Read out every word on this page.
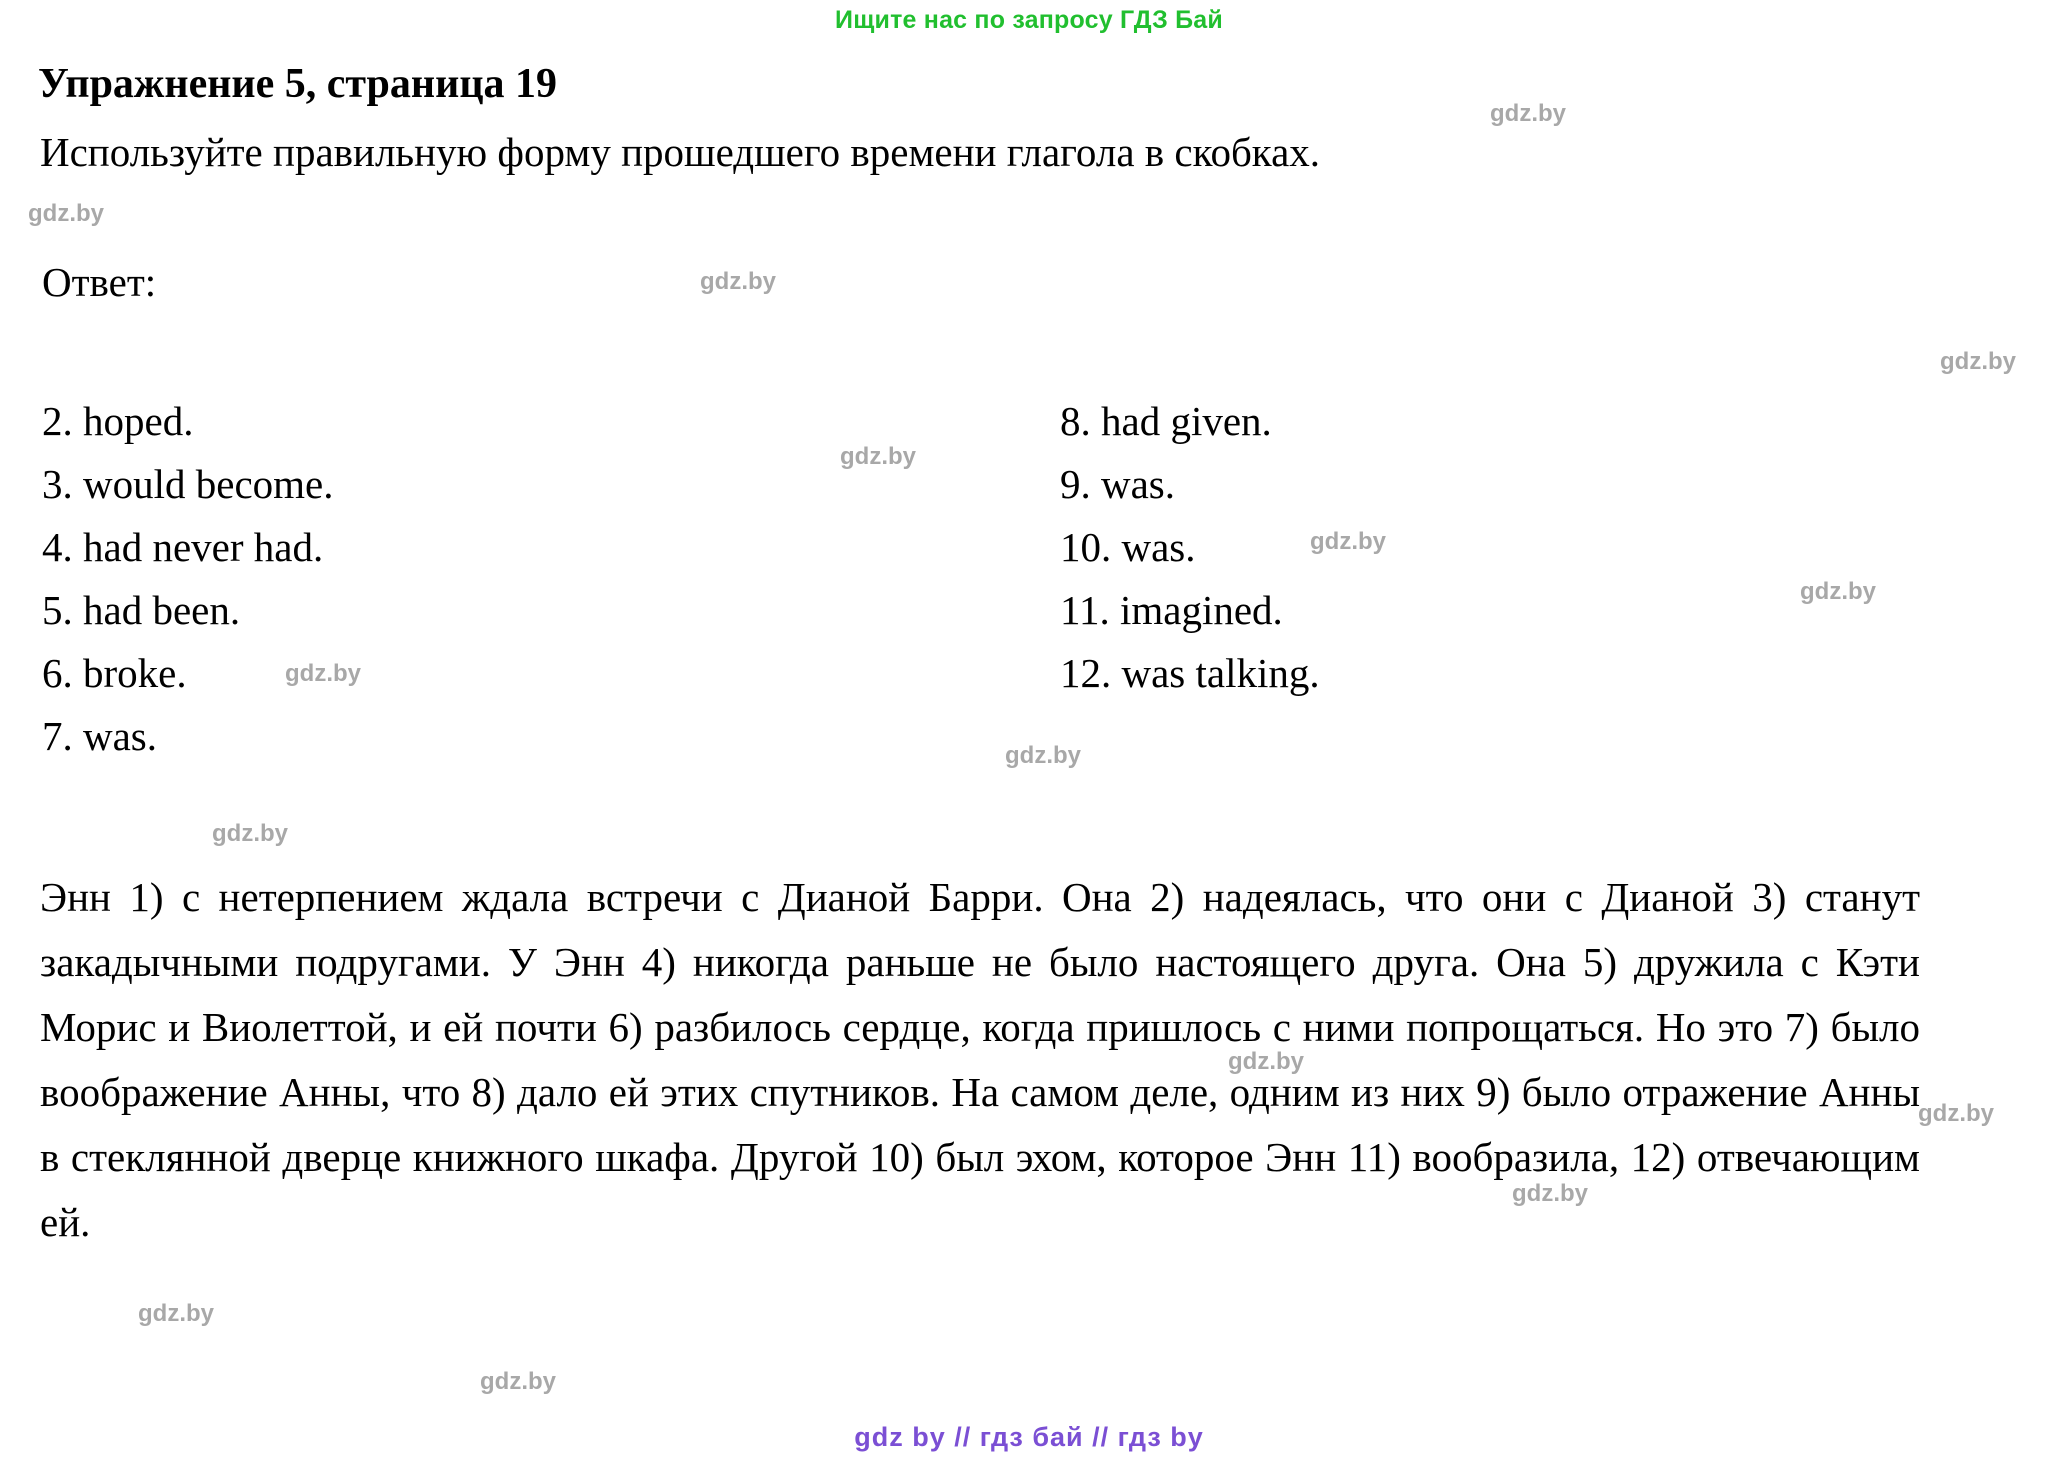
Ищите нас по запросу ГДЗ Бай
Упражнение 5, страница 19
Используйте правильную форму прошедшего времени глагола в скобках.
Ответ:
2. hoped.
3. would become.
4. had never had.
5. had been.
6. broke.
7. was.
8. had given.
9. was.
10. was.
11. imagined.
12. was talking.
Энн 1) с нетерпением ждала встречи с Дианой Барри. Она 2) надеялась, что они с Дианой 3) станут закадычными подругами. У Энн 4) никогда раньше не было настоящего друга. Она 5) дружила с Кэти Морис и Виолеттой, и ей почти 6) разбилось сердце, когда пришлось с ними попрощаться. Но это 7) было воображение Анны, что 8) дало ей этих спутников. На самом деле, одним из них 9) было отражение Анны в стеклянной дверце книжного шкафа. Другой 10) был эхом, которое Энн 11) вообразила, 12) отвечающим ей.
gdz by // гдз бай // гдз by
gdz.by
gdz.by
gdz.by
gdz.by
gdz.by
gdz.by
gdz.by
gdz.by
gdz.by
gdz.by
gdz.by
gdz.by
gdz.by
gdz.by
gdz.by
